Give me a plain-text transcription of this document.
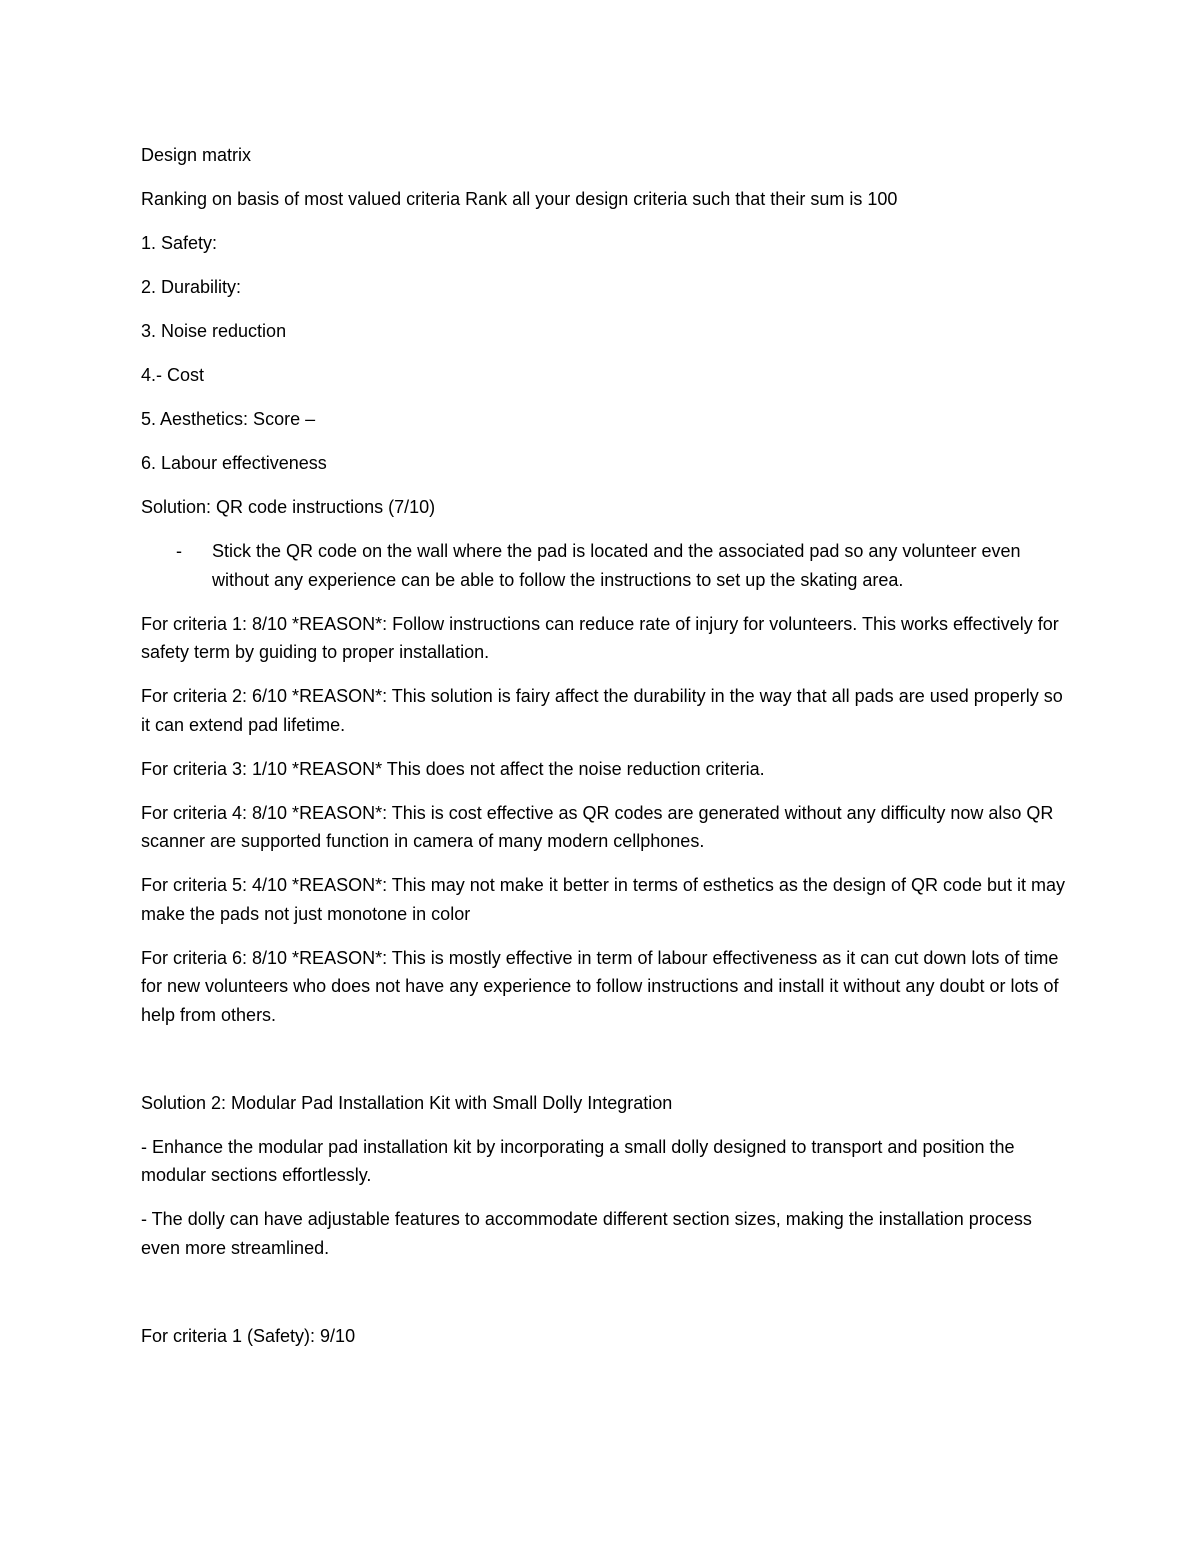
Design matrix

Ranking on basis of most valued criteria Rank all your design criteria such that their sum is 100

1. Safety:

2. Durability:

3. Noise reduction

4.- Cost

5. Aesthetics: Score –

6. Labour effectiveness

Solution: QR code instructions (7/10)

- Stick the QR code on the wall where the pad is located and the associated pad so any volunteer even without any experience can be able to follow the instructions to set up the skating area.

For criteria 1: 8/10 *REASON*: Follow instructions can reduce rate of injury for volunteers. This works effectively for safety term by guiding to proper installation.

For criteria 2: 6/10 *REASON*: This solution is fairy affect the durability in the way that all pads are used properly so it can extend pad lifetime.

For criteria 3: 1/10 *REASON* This does not affect the noise reduction criteria.

For criteria 4: 8/10 *REASON*: This is cost effective as QR codes are generated without any difficulty now also QR scanner are supported function in camera of many modern cellphones.

For criteria 5: 4/10 *REASON*: This may not make it better in terms of esthetics as the design of QR code but it may make the pads not just monotone in color

For criteria 6: 8/10 *REASON*: This is mostly effective in term of labour effectiveness as it can cut down lots of time for new volunteers who does not have any experience to follow instructions and install it without any doubt or lots of help from others.

Solution 2: Modular Pad Installation Kit with Small Dolly Integration

- Enhance the modular pad installation kit by incorporating a small dolly designed to transport and position the modular sections effortlessly.

- The dolly can have adjustable features to accommodate different section sizes, making the installation process even more streamlined.

For criteria 1 (Safety): 9/10
